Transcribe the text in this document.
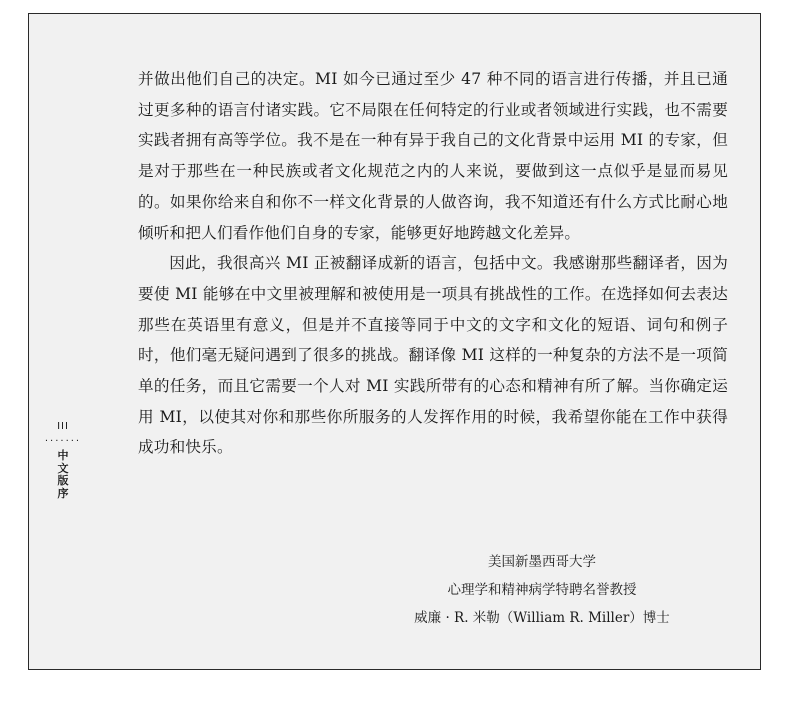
III
.......
中文版序

并做出他们自己的决定。MI 如今已通过至少 47 种不同的语言进行传播，并且已通过更多种的语言付诸实践。它不局限在任何特定的行业或者领域进行实践，也不需要实践者拥有高等学位。我不是在一种有异于我自己的文化背景中运用 MI 的专家，但是对于那些在一种民族或者文化规范之内的人来说，要做到这一点似乎是显而易见的。如果你给来自和你不一样文化背景的人做咨询，我不知道还有什么方式比耐心地倾听和把人们看作他们自身的专家，能够更好地跨越文化差异。

因此，我很高兴 MI 正被翻译成新的语言，包括中文。我感谢那些翻译者，因为要使 MI 能够在中文里被理解和被使用是一项具有挑战性的工作。在选择如何去表达那些在英语里有意义，但是并不直接等同于中文的文字和文化的短语、词句和例子时，他们毫无疑问遇到了很多的挑战。翻译像 MI 这样的一种复杂的方法不是一项简单的任务，而且它需要一个人对 MI 实践所带有的心态和精神有所了解。当你确定运用 MI，以使其对你和那些你所服务的人发挥作用的时候，我希望你能在工作中获得成功和快乐。

美国新墨西哥大学
心理学和精神病学特聘名誉教授
威廉 · R. 米勒（William R. Miller）博士
